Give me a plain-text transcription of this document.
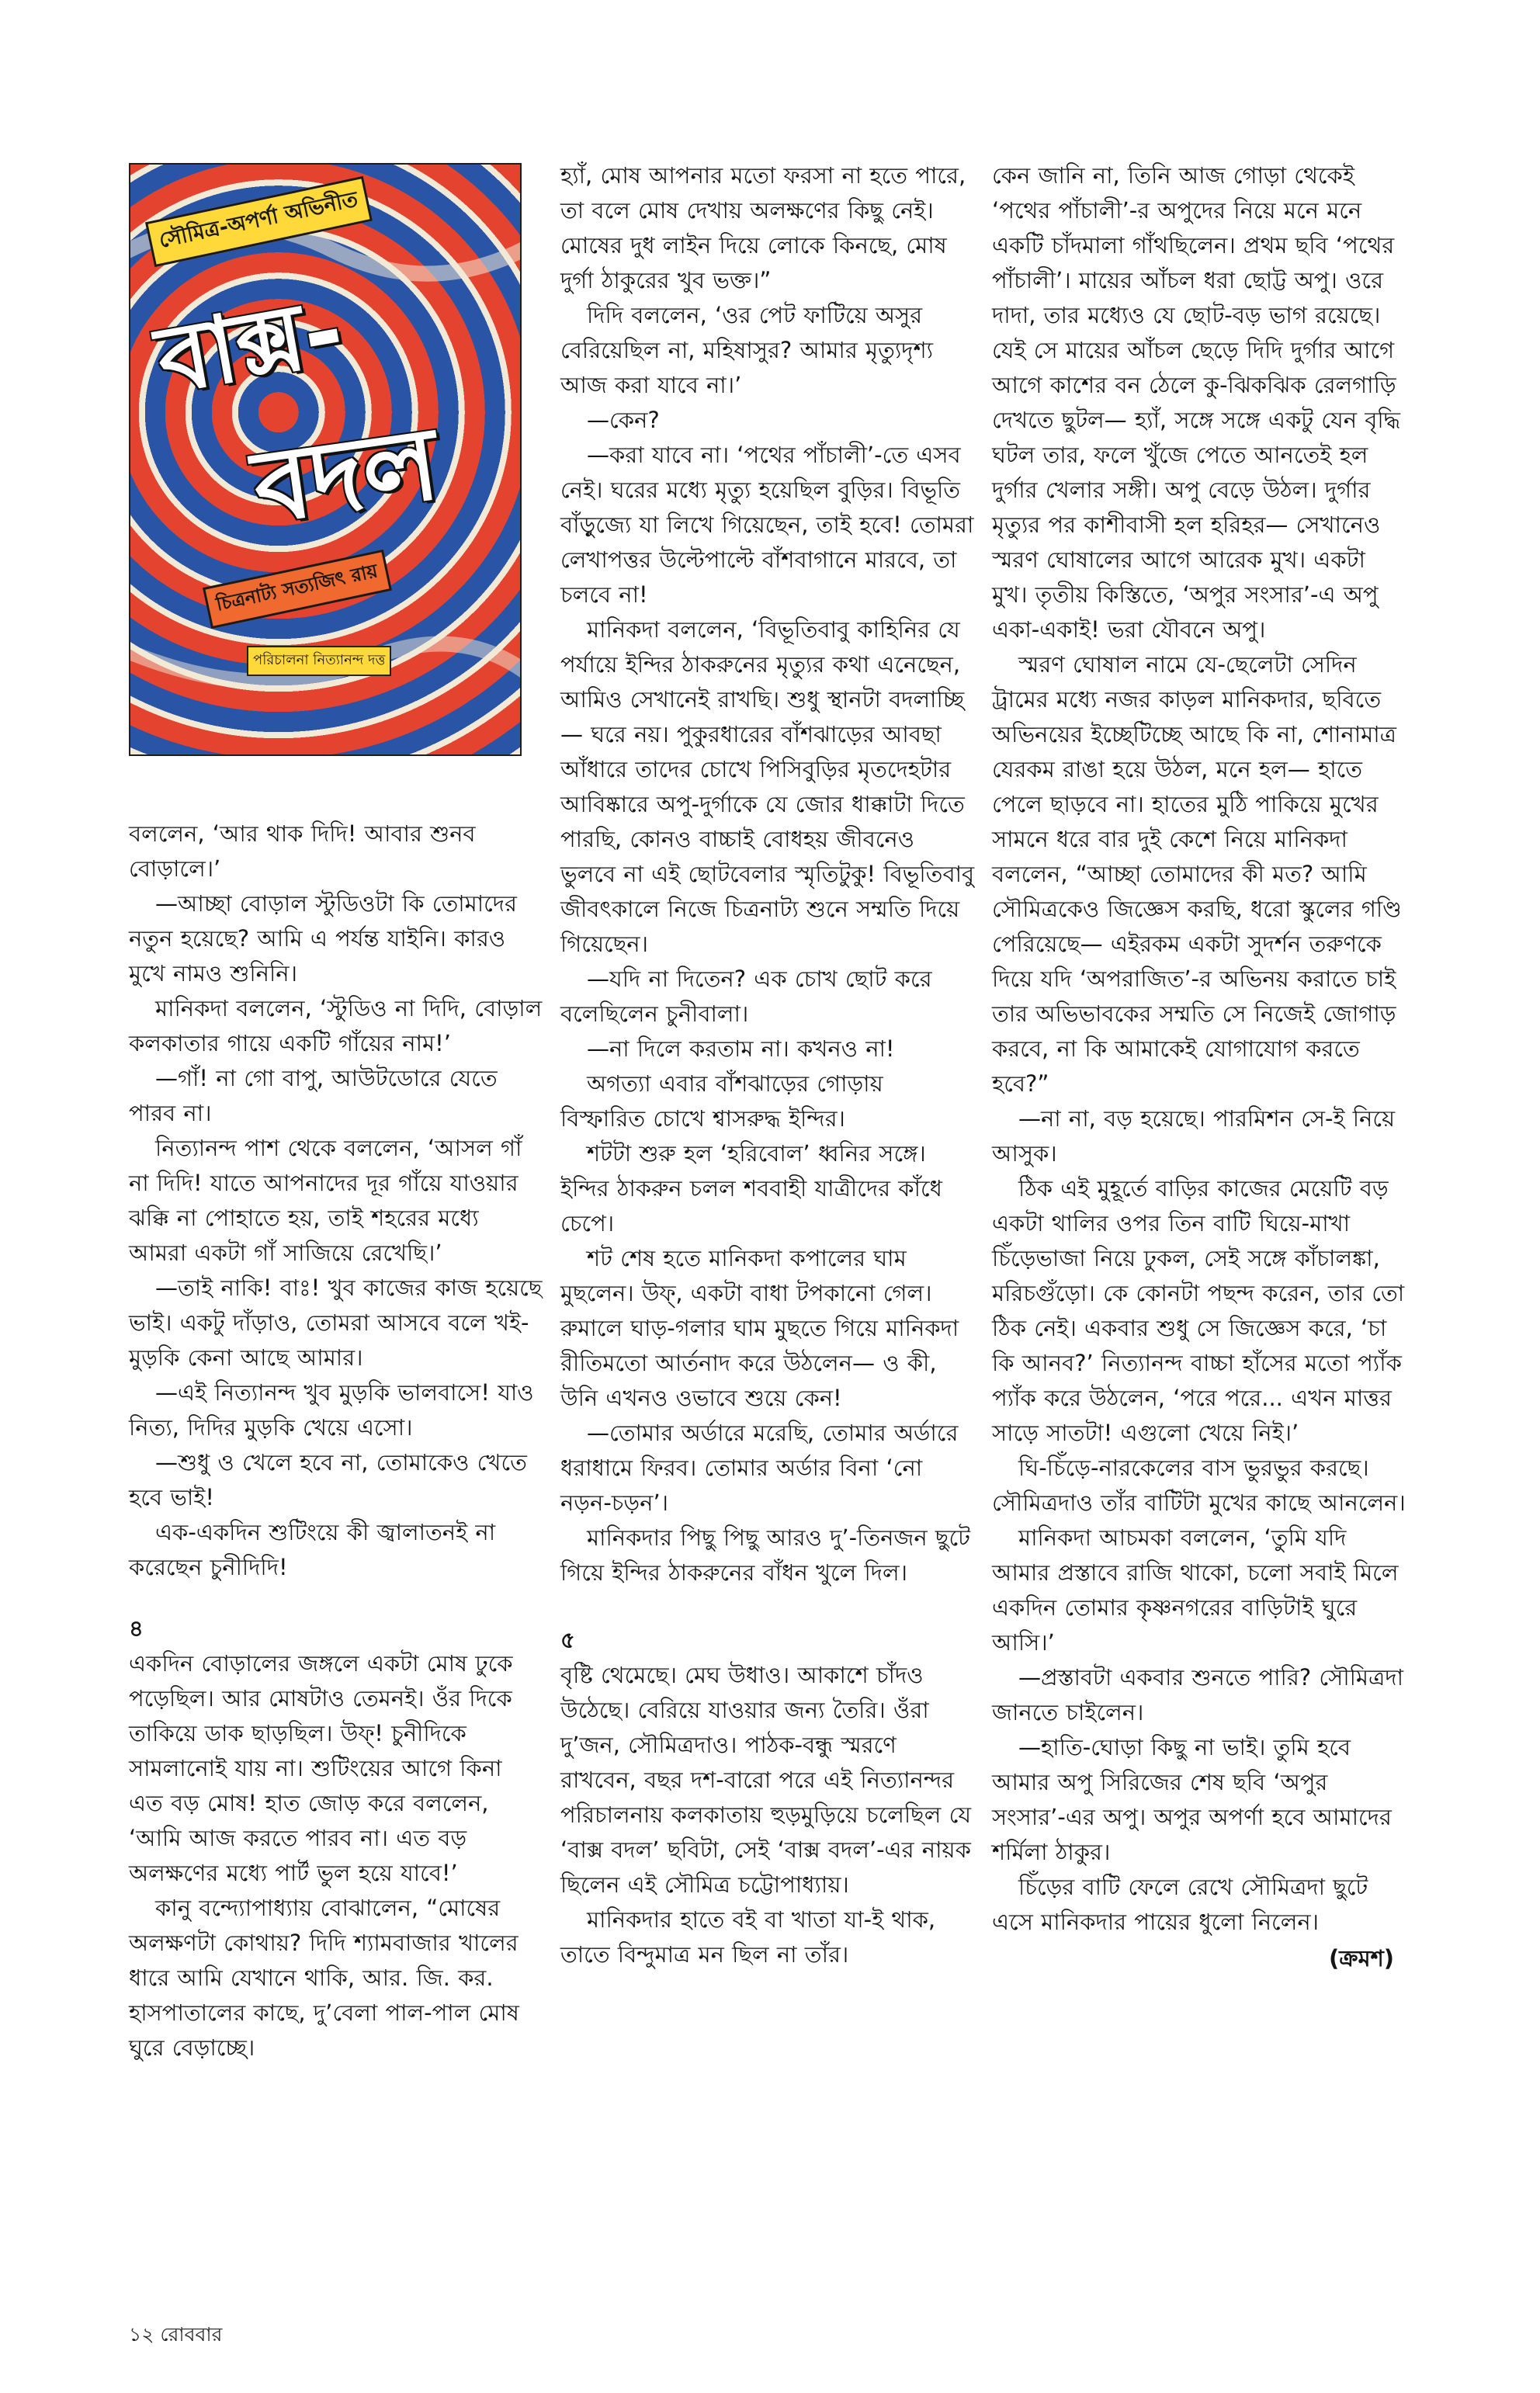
সৌমিত্র-অপর্ণা অভিনীত
বাক্স-
বদল
চিত্রনাট্য সত্যজিৎ রায়
পরিচালনা নিত্যানন্দ দত্ত

বললেন, ‘আর থাক দিদি! আবার শুনব বোড়ালে।’

—আচ্ছা বোড়াল স্টুডিওটা কি তোমাদের নতুন হয়েছে? আমি এ পর্যন্ত যাইনি। কারও মুখে নামও শুনিনি।

মানিকদা বললেন, ‘স্টুডিও না দিদি, বোড়াল কলকাতার গায়ে একটি গাঁয়ের নাম!’

—গাঁ! না গো বাপু, আউটডোরে যেতে পারব না।

নিত্যানন্দ পাশ থেকে বললেন, ‘আসল গাঁ না দিদি! যাতে আপনাদের দূর গাঁয়ে যাওয়ার ঝক্কি না পোহাতে হয়, তাই শহরের মধ্যে আমরা একটা গাঁ সাজিয়ে রেখেছি।’

—তাই নাকি! বাঃ! খুব কাজের কাজ হয়েছে ভাই। একটু দাঁড়াও, তোমরা আসবে বলে খই-মুড়কি কেনা আছে আমার।

—এই নিত্যানন্দ খুব মুড়কি ভালবাসে! যাও নিত্য, দিদির মুড়কি খেয়ে এসো।

—শুধু ও খেলে হবে না, তোমাকেও খেতে হবে ভাই!

এক-একদিন শুটিংয়ে কী জ্বালাতনই না করেছেন চুনীদিদি!

৪

একদিন বোড়ালের জঙ্গলে একটা মোষ ঢুকে পড়েছিল। আর মোষটাও তেমনই। ওঁর দিকে তাকিয়ে ডাক ছাড়ছিল। উফ্! চুনীদিকে সামলানোই যায় না। শুটিংয়ের আগে কিনা এত বড় মোষ! হাত জোড় করে বললেন, ‘আমি আজ করতে পারব না। এত বড় অলক্ষণের মধ্যে পার্ট ভুল হয়ে যাবে!’

কানু বন্দ্যোপাধ্যায় বোঝালেন, “মোষের অলক্ষণটা কোথায়? দিদি শ্যামবাজার খালের ধারে আমি যেখানে থাকি, আর. জি. কর. হাসপাতালের কাছে, দু’বেলা পাল-পাল মোষ ঘুরে বেড়াচ্ছে।

হ্যাঁ, মোষ আপনার মতো ফরসা না হতে পারে, তা বলে মোষ দেখায় অলক্ষণের কিছু নেই। মোষের দুধ লাইন দিয়ে লোকে কিনছে, মোষ দুর্গা ঠাকুরের খুব ভক্ত।”

দিদি বললেন, ‘ওর পেট ফাটিয়ে অসুর বেরিয়েছিল না, মহিষাসুর? আমার মৃত্যুদৃশ্য আজ করা যাবে না।’

—কেন?

—করা যাবে না। ‘পথের পাঁচালী’-তে এসব নেই। ঘরের মধ্যে মৃত্যু হয়েছিল বুড়ির। বিভূতি বাঁড়ুজ্যে যা লিখে গিয়েছেন, তাই হবে! তোমরা লেখাপত্তর উল্টেপাল্টে বাঁশবাগানে মারবে, তা চলবে না!

মানিকদা বললেন, ‘বিভূতিবাবু কাহিনির যে পর্যায়ে ইন্দির ঠাকরুনের মৃত্যুর কথা এনেছেন, আমিও সেখানেই রাখছি। শুধু স্থানটা বদলাচ্ছি— ঘরে নয়। পুকুরধারের বাঁশঝাড়ের আবছা আঁধারে তাদের চোখে পিসিবুড়ির মৃতদেহটার আবিষ্কারে অপু-দুর্গাকে যে জোর ধাক্কাটা দিতে পারছি, কোনও বাচ্চাই বোধহয় জীবনেও ভুলবে না এই ছোটবেলার স্মৃতিটুকু! বিভূতিবাবু জীবৎকালে নিজে চিত্রনাট্য শুনে সম্মতি দিয়ে গিয়েছেন।

—যদি না দিতেন? এক চোখ ছোট করে বলেছিলেন চুনীবালা।

—না দিলে করতাম না। কখনও না!

অগত্যা এবার বাঁশঝাড়ের গোড়ায় বিস্ফারিত চোখে শ্বাসরুদ্ধ ইন্দির।

শটটা শুরু হল ‘হরিবোল’ ধ্বনির সঙ্গে। ইন্দির ঠাকরুন চলল শববাহী যাত্রীদের কাঁধে চেপে।

শট শেষ হতে মানিকদা কপালের ঘাম মুছলেন। উফ্, একটা বাধা টপকানো গেল। রুমালে ঘাড়-গলার ঘাম মুছতে গিয়ে মানিকদা রীতিমতো আর্তনাদ করে উঠলেন— ও কী, উনি এখনও ওভাবে শুয়ে কেন!

—তোমার অর্ডারে মরেছি, তোমার অর্ডারে ধরাধামে ফিরব। তোমার অর্ডার বিনা ‘নো নড়ন-চড়ন’।

মানিকদার পিছু পিছু আরও দু’-তিনজন ছুটে গিয়ে ইন্দির ঠাকরুনের বাঁধন খুলে দিল।

৫

বৃষ্টি থেমেছে। মেঘ উধাও। আকাশে চাঁদও উঠেছে। বেরিয়ে যাওয়ার জন্য তৈরি। ওঁরা দু’জন, সৌমিত্রদাও। পাঠক-বন্ধু স্মরণে রাখবেন, বছর দশ-বারো পরে এই নিত্যানন্দর পরিচালনায় কলকাতায় হুড়মুড়িয়ে চলেছিল যে ‘বাক্স বদল’ ছবিটা, সেই ‘বাক্স বদল’-এর নায়ক ছিলেন এই সৌমিত্র চট্টোপাধ্যায়।

মানিকদার হাতে বই বা খাতা যা-ই থাক, তাতে বিন্দুমাত্র মন ছিল না তাঁর।

কেন জানি না, তিনি আজ গোড়া থেকেই ‘পথের পাঁচালী’-র অপুদের নিয়ে মনে মনে একটি চাঁদমালা গাঁথছিলেন। প্রথম ছবি ‘পথের পাঁচালী’। মায়ের আঁচল ধরা ছোট্ট অপু। ওরে দাদা, তার মধ্যেও যে ছোট-বড় ভাগ রয়েছে। যেই সে মায়ের আঁচল ছেড়ে দিদি দুর্গার আগে আগে কাশের বন ঠেলে কু-ঝিকঝিক রেলগাড়ি দেখতে ছুটল— হ্যাঁ, সঙ্গে সঙ্গে একটু যেন বৃদ্ধি ঘটল তার, ফলে খুঁজে পেতে আনতেই হল দুর্গার খেলার সঙ্গী। অপু বেড়ে উঠল। দুর্গার মৃত্যুর পর কাশীবাসী হল হরিহর— সেখানেও স্মরণ ঘোষালের আগে আরেক মুখ। একটা মুখ। তৃতীয় কিস্তিতে, ‘অপুর সংসার’-এ অপু একা-একাই! ভরা যৌবনে অপু।

স্মরণ ঘোষাল নামে যে-ছেলেটা সেদিন ট্রামের মধ্যে নজর কাড়ল মানিকদার, ছবিতে অভিনয়ের ইচ্ছেটিচ্ছে আছে কি না, শোনামাত্র যেরকম রাঙা হয়ে উঠল, মনে হল— হাতে পেলে ছাড়বে না। হাতের মুঠি পাকিয়ে মুখের সামনে ধরে বার দুই কেশে নিয়ে মানিকদা বললেন, “আচ্ছা তোমাদের কী মত? আমি সৌমিত্রকেও জিজ্ঞেস করছি, ধরো স্কুলের গণ্ডি পেরিয়েছে— এইরকম একটা সুদর্শন তরুণকে দিয়ে যদি ‘অপরাজিত’-র অভিনয় করাতে চাই তার অভিভাবকের সম্মতি সে নিজেই জোগাড় করবে, না কি আমাকেই যোগাযোগ করতে হবে?”

—না না, বড় হয়েছে। পারমিশন সে-ই নিয়ে আসুক।

ঠিক এই মুহূর্তে বাড়ির কাজের মেয়েটি বড় একটা থালির ওপর তিন বাটি ঘিয়ে-মাখা চিঁড়েভাজা নিয়ে ঢুকল, সেই সঙ্গে কাঁচালঙ্কা, মরিচগুঁড়ো। কে কোনটা পছন্দ করেন, তার তো ঠিক নেই। একবার শুধু সে জিজ্ঞেস করে, ‘চা কি আনব?’ নিত্যানন্দ বাচ্চা হাঁসের মতো প্যাঁক প্যাঁক করে উঠলেন, ‘পরে পরে... এখন মাত্তর সাড়ে সাতটা! এগুলো খেয়ে নিই।’

ঘি-চিঁড়ে-নারকেলের বাস ভুরভুর করছে। সৌমিত্রদাও তাঁর বাটিটা মুখের কাছে আনলেন।

মানিকদা আচমকা বললেন, ‘তুমি যদি আমার প্রস্তাবে রাজি থাকো, চলো সবাই মিলে একদিন তোমার কৃষ্ণনগরের বাড়িটাই ঘুরে আসি।’

—প্রস্তাবটা একবার শুনতে পারি? সৌমিত্রদা জানতে চাইলেন।

—হাতি-ঘোড়া কিছু না ভাই। তুমি হবে আমার অপু সিরিজের শেষ ছবি ‘অপুর সংসার’-এর অপু। অপুর অপর্ণা হবে আমাদের শর্মিলা ঠাকুর।

চিঁড়ের বাটি ফেলে রেখে সৌমিত্রদা ছুটে এসে মানিকদার পায়ের ধুলো নিলেন।

(ক্রমশ)

১২ রোববার
